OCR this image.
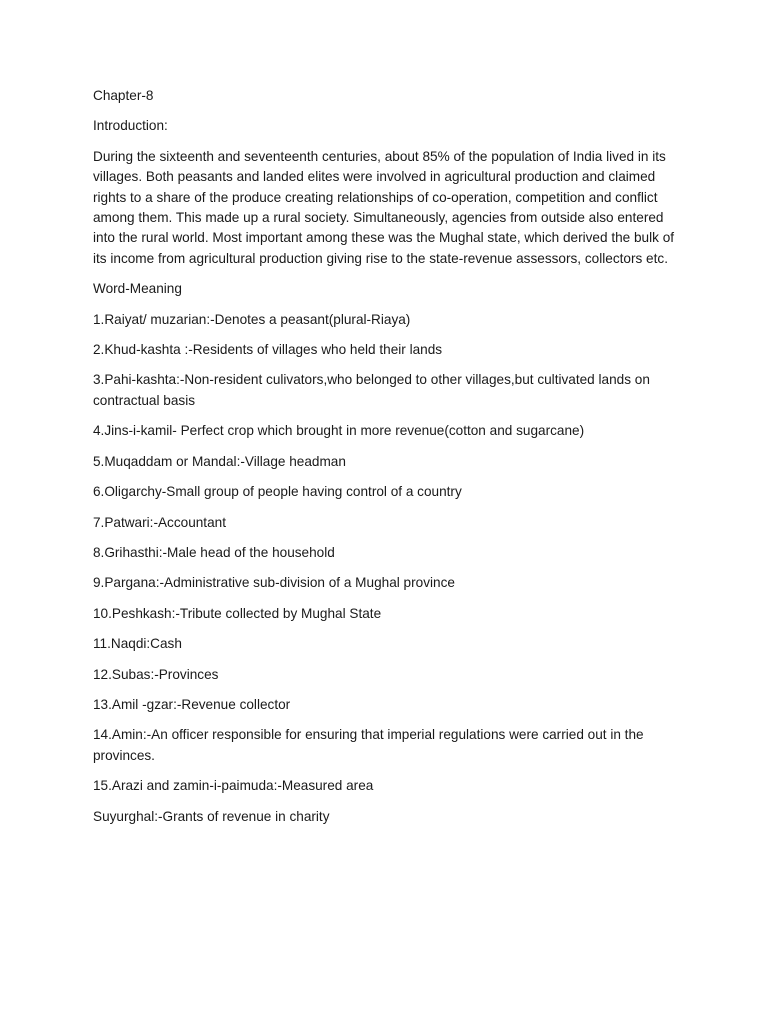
Chapter-8

Introduction:

During the sixteenth and seventeenth centuries, about 85% of the population of India lived in its villages. Both peasants and landed elites were involved in agricultural production and claimed rights to a share of the produce creating relationships of co-operation, competition and conflict among them. This made up a rural society. Simultaneously, agencies from outside also entered into the rural world. Most important among these was the Mughal state, which derived the bulk of its income from agricultural production giving rise to the state-revenue assessors, collectors etc.

Word-Meaning

1.Raiyat/ muzarian:-Denotes a peasant(plural-Riaya)

2.Khud-kashta :-Residents of villages who held their lands

3.Pahi-kashta:-Non-resident culivators,who belonged to other villages,but cultivated lands on contractual basis

4.Jins-i-kamil- Perfect crop which brought in more revenue(cotton and sugarcane)

5.Muqaddam or Mandal:-Village headman

6.Oligarchy-Small group of people having control of a country

7.Patwari:-Accountant

8.Grihasthi:-Male head of the household

9.Pargana:-Administrative sub-division of a Mughal province

10.Peshkash:-Tribute collected by Mughal State

11.Naqdi:Cash

12.Subas:-Provinces

13.Amil -gzar:-Revenue collector

14.Amin:-An officer responsible for ensuring that imperial regulations were carried out in the provinces.

15.Arazi and zamin-i-paimuda:-Measured area

Suyurghal:-Grants of revenue in charity
